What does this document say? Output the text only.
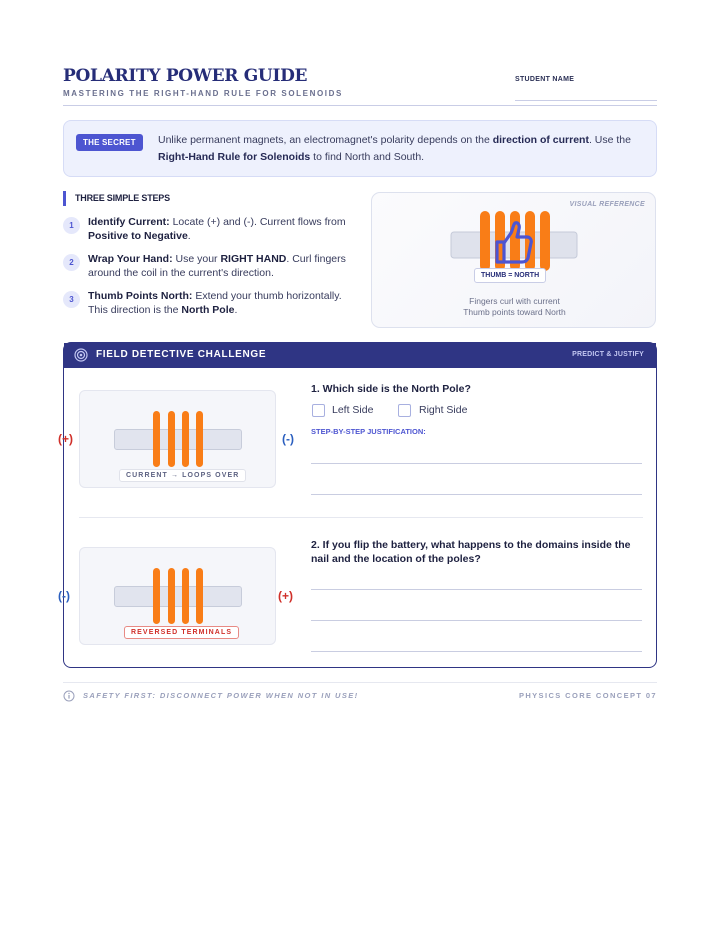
POLARITY POWER GUIDE
MASTERING THE RIGHT-HAND RULE FOR SOLENOIDS
STUDENT NAME
THE SECRET	Unlike permanent magnets, an electromagnet's polarity depends on the direction of current. Use the Right-Hand Rule for Solenoids to find North and South.
THREE SIMPLE STEPS
1	Identify Current: Locate (+) and (-). Current flows from Positive to Negative.
2	Wrap Your Hand: Use your RIGHT HAND. Curl fingers around the coil in the current's direction.
3	Thumb Points North: Extend your thumb horizontally. This direction is the North Pole.
VISUAL REFERENCE
THUMB = NORTH
Fingers curl with current
Thumb points toward North
FIELD DETECTIVE CHALLENGE	PREDICT & JUSTIFY
CURRENT → LOOPS OVER
(+)	(-)
1. Which side is the North Pole?
Left Side	Right Side
STEP-BY-STEP JUSTIFICATION:
REVERSED TERMINALS
(-)	(+)
2. If you flip the battery, what happens to the domains inside the nail and the location of the poles?
SAFETY FIRST: DISCONNECT POWER WHEN NOT IN USE!	PHYSICS CORE CONCEPT 07
